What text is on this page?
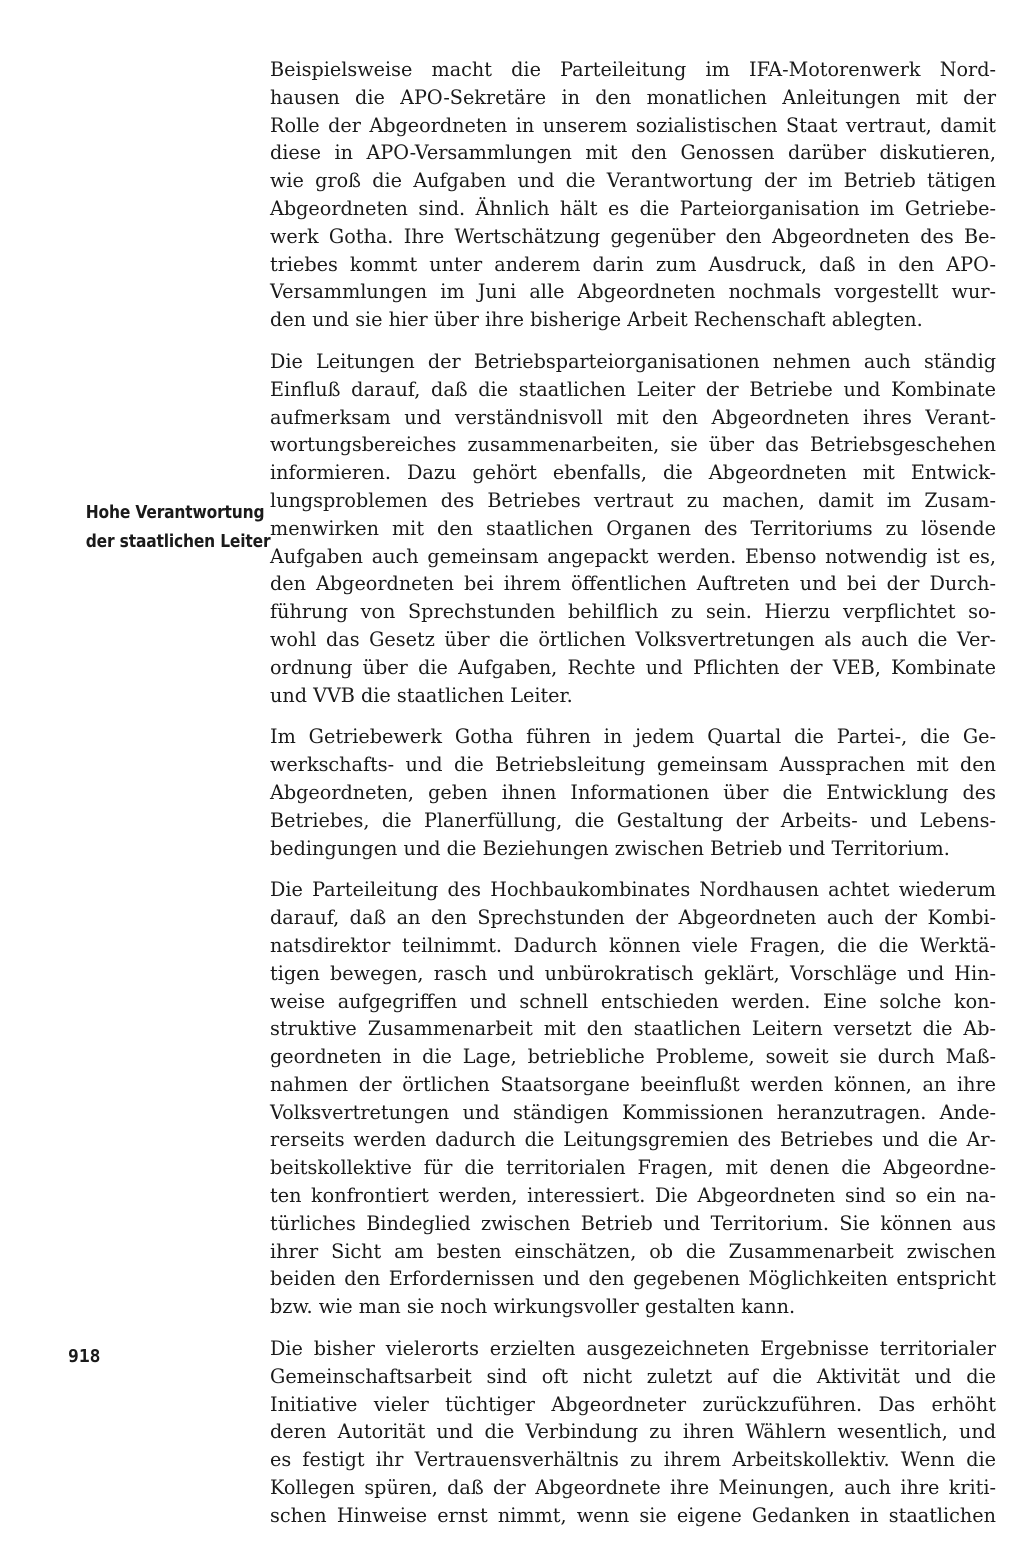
Hohe Verantwortung
der staatlichen Leiter

Beispielsweise macht die Parteileitung im IFA-Motorenwerk Nord-
hausen die APO-Sekretäre in den monatlichen Anleitungen mit der
Rolle der Abgeordneten in unserem sozialistischen Staat vertraut, damit
diese in APO-Versammlungen mit den Genossen darüber diskutieren,
wie groß die Aufgaben und die Verantwortung der im Betrieb tätigen
Abgeordneten sind. Ähnlich hält es die Parteiorganisation im Getriebe-
werk Gotha. Ihre Wertschätzung gegenüber den Abgeordneten des Be-
triebes kommt unter anderem darin zum Ausdruck, daß in den APO-
Versammlungen im Juni alle Abgeordneten nochmals vorgestellt wur-
den und sie hier über ihre bisherige Arbeit Rechenschaft ablegten.

Die Leitungen der Betriebsparteiorganisationen nehmen auch ständig
Einfluß darauf, daß die staatlichen Leiter der Betriebe und Kombinate
aufmerksam und verständnisvoll mit den Abgeordneten ihres Verant-
wortungsbereiches zusammenarbeiten, sie über das Betriebsgeschehen
informieren. Dazu gehört ebenfalls, die Abgeordneten mit Entwick-
lungsproblemen des Betriebes vertraut zu machen, damit im Zusam-
menwirken mit den staatlichen Organen des Territoriums zu lösende
Aufgaben auch gemeinsam angepackt werden. Ebenso notwendig ist es,
den Abgeordneten bei ihrem öffentlichen Auftreten und bei der Durch-
führung von Sprechstunden behilflich zu sein. Hierzu verpflichtet so-
wohl das Gesetz über die örtlichen Volksvertretungen als auch die Ver-
ordnung über die Aufgaben, Rechte und Pflichten der VEB, Kombinate
und VVB die staatlichen Leiter.

Im Getriebewerk Gotha führen in jedem Quartal die Partei-, die Ge-
werkschafts- und die Betriebsleitung gemeinsam Aussprachen mit den
Abgeordneten, geben ihnen Informationen über die Entwicklung des
Betriebes, die Planerfüllung, die Gestaltung der Arbeits- und Lebens-
bedingungen und die Beziehungen zwischen Betrieb und Territorium.

Die Parteileitung des Hochbaukombinates Nordhausen achtet wiederum
darauf, daß an den Sprechstunden der Abgeordneten auch der Kombi-
natsdirektor teilnimmt. Dadurch können viele Fragen, die die Werktä-
tigen bewegen, rasch und unbürokratisch geklärt, Vorschläge und Hin-
weise aufgegriffen und schnell entschieden werden. Eine solche kon-
struktive Zusammenarbeit mit den staatlichen Leitern versetzt die Ab-
geordneten in die Lage, betriebliche Probleme, soweit sie durch Maß-
nahmen der örtlichen Staatsorgane beeinflußt werden können, an ihre
Volksvertretungen und ständigen Kommissionen heranzutragen. Ande-
rerseits werden dadurch die Leitungsgremien des Betriebes und die Ar-
beitskollektive für die territorialen Fragen, mit denen die Abgeordne-
ten konfrontiert werden, interessiert. Die Abgeordneten sind so ein na-
türliches Bindeglied zwischen Betrieb und Territorium. Sie können aus
ihrer Sicht am besten einschätzen, ob die Zusammenarbeit zwischen
beiden den Erfordernissen und den gegebenen Möglichkeiten entspricht
bzw. wie man sie noch wirkungsvoller gestalten kann.

Die bisher vielerorts erzielten ausgezeichneten Ergebnisse territorialer
Gemeinschaftsarbeit sind oft nicht zuletzt auf die Aktivität und die
Initiative vieler tüchtiger Abgeordneter zurückzuführen. Das erhöht
deren Autorität und die Verbindung zu ihren Wählern wesentlich, und
es festigt ihr Vertrauensverhältnis zu ihrem Arbeitskollektiv. Wenn die
Kollegen spüren, daß der Abgeordnete ihre Meinungen, auch ihre kriti-
schen Hinweise ernst nimmt, wenn sie eigene Gedanken in staatlichen

918
